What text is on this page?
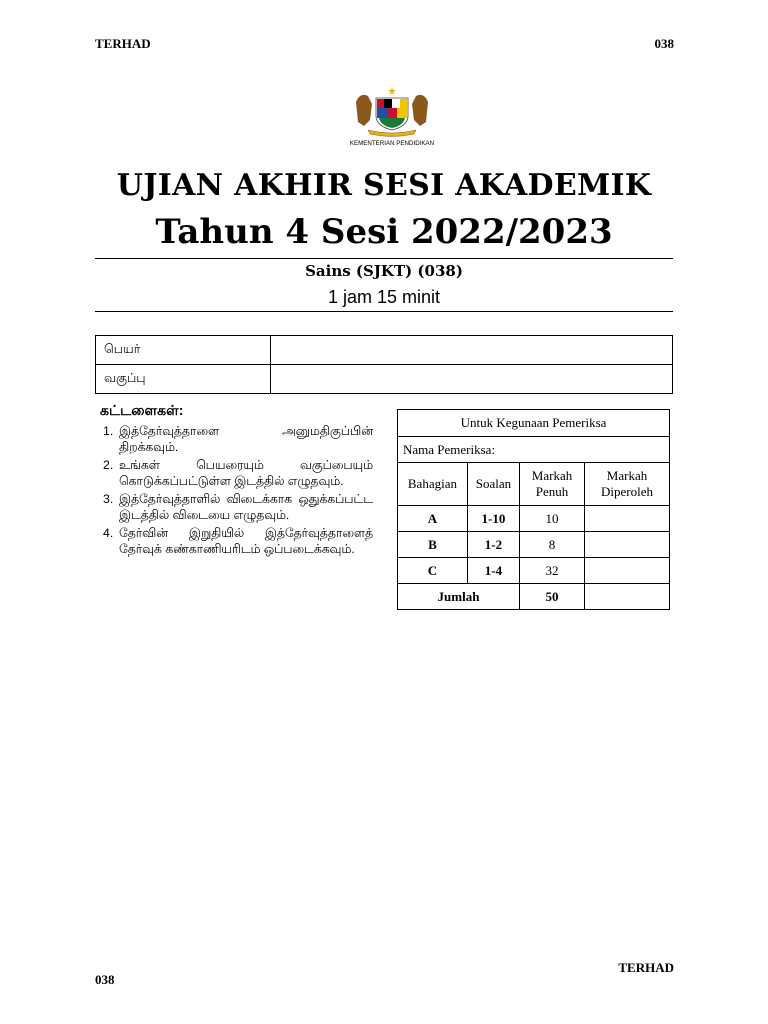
TERHAD	038
KEMENTERIAN PENDIDIKAN
UJIAN AKHIR SESI AKADEMIK
Tahun 4 Sesi 2022/2023
Sains (SJKT) (038)
1 jam 15 minit
பெயர்	
வகுப்பு	
கட்டளைகள்:
1. இத்தேர்வுத்தாளை அனுமதிகுப்பின் திறக்கவும்.
2. உங்கள் பெயரையும் வகுப்பையும் கொடுக்கப்பட்டுள்ள இடத்தில் எழுதவும்.
3. இத்தேர்வுத்தாளில் விடைக்காக ஒதுக்கப்பட்ட இடத்தில் விடையை எழுதவும்.
4. தேர்வின் இறுதியில் இத்தேர்வுத்தாளைத் தேர்வுக் கண்காணியரிடம் ஒப்படைக்கவும்.
Untuk Kegunaan Pemeriksa			
Nama Pemeriksa:			
Bahagian	Soalan	Markah Penuh	Markah Diperoleh
A	1-10	10	
B	1-2	8	
C	1-4	32	
Jumlah		50	
038
TERHAD
